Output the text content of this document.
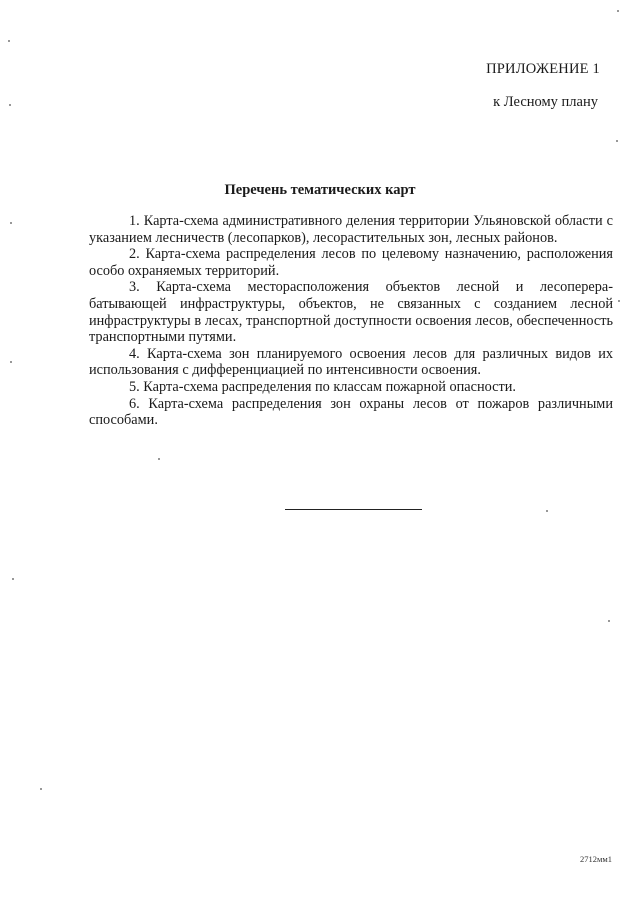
ПРИЛОЖЕНИЕ 1

к Лесному плану

Перечень тематических карт

1. Карта-схема административного деления территории Ульяновской области с указанием лесничеств (лесопарков), лесорастительных зон, лесных районов.

2. Карта-схема распределения лесов по целевому назначению, расположения особо охраняемых территорий.

3. Карта-схема месторасположения объектов лесной и лесоперера-батывающей инфраструктуры, объектов, не связанных с созданием лесной инфраструктуры в лесах, транспортной доступности освоения лесов, обеспеченность транспортными путями.

4. Карта-схема зон планируемого освоения лесов для различных видов их использования с дифференциацией по интенсивности освоения.

5. Карта-схема распределения по классам пожарной опасности.

6. Карта-схема распределения зон охраны лесов от пожаров различными способами.

2712мм1
